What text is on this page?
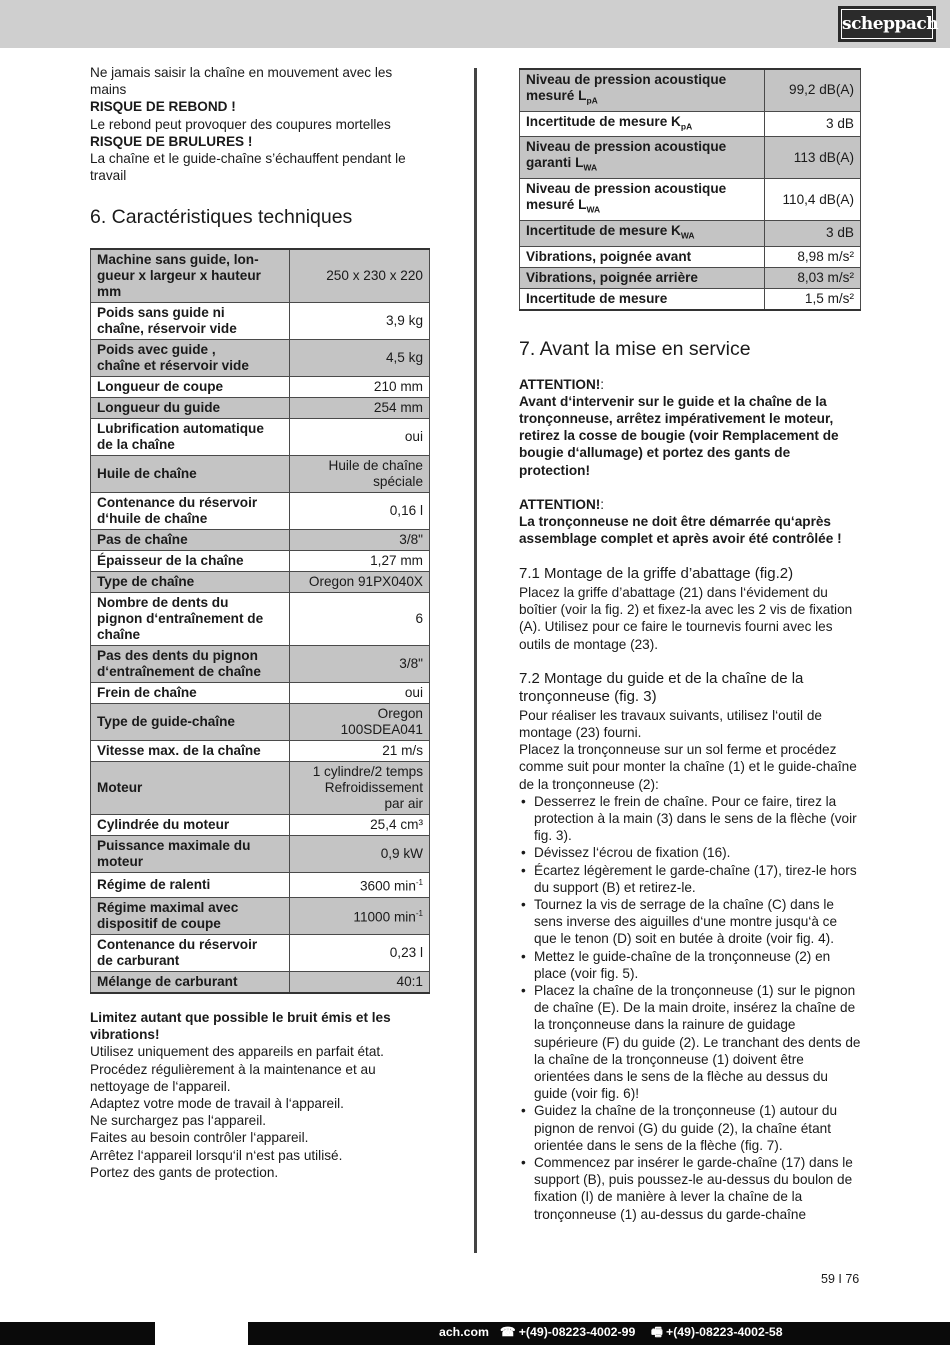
scheppach
Ne jamais saisir la chaîne en mouvement avec les mains
RISQUE DE REBOND !
Le rebond peut provoquer des coupures mortelles
RISQUE DE BRULURES !
La chaîne et le guide-chaîne s’échauffent pendant le travail
6. Caractéristiques techniques
Machine sans guide, lon-
gueur x largeur x hauteur
mm	250 x 230 x 220
Poids sans guide ni
chaîne, réservoir vide	3,9 kg
Poids avec guide ,
chaîne et réservoir vide	4,5 kg
Longueur de coupe	210 mm
Longueur du guide	254 mm
Lubrification automatique
de la chaîne	oui
Huile de chaîne	Huile de chaîne
spéciale
Contenance du réservoir
d‘huile de chaîne	0,16 l
Pas de chaîne	3/8"
Épaisseur de la chaîne	1,27 mm
Type de chaîne	Oregon 91PX040X
Nombre de dents du
pignon d‘entraînement de
chaîne	6
Pas des dents du pignon
d‘entraînement de chaîne	3/8"
Frein de chaîne	oui
Type de guide-chaîne	Oregon
100SDEA041
Vitesse max. de la chaîne	21 m/s
Moteur	1 cylindre/2 temps
Refroidissement
par air
Cylindrée du moteur	25,4 cm³
Puissance maximale du
moteur	0,9 kW
Régime de ralenti	3600 $\min^{-1}$
Régime maximal avec
dispositif de coupe	11000 $\min^{-1}$
Contenance du réservoir
de carburant	0,23 l
Mélange de carburant	40:1
Limitez autant que possible le bruit émis et les vibrations!
Utilisez uniquement des appareils en parfait état.
Procédez régulièrement à la maintenance et au nettoyage de l‘appareil.
Adaptez votre mode de travail à l‘appareil.
Ne surchargez pas l‘appareil.
Faites au besoin contrôler l‘appareil.
Arrêtez l‘appareil lorsqu‘il n‘est pas utilisé.
Portez des gants de protection.
Niveau de pression acoustique
mesuré $L_{pA}$	99,2 dB(A)
Incertitude de mesure $K_{pA}$	3 dB
Niveau de pression acoustique
garanti $L_{WA}$	113 dB(A)
Niveau de pression acoustique
mesuré $L_{WA}$	110,4 dB(A)
Incertitude de mesure $K_{WA}$	3 dB
Vibrations, poignée avant	8,98 m/s²
Vibrations, poignée arrière	8,03 m/s²
Incertitude de mesure	1,5 m/s²
7. Avant la mise en service
ATTENTION!:
Avant d‘intervenir sur le guide et la chaîne de la tronçonneuse, arrêtez impérativement le moteur, retirez la cosse de bougie (voir Remplacement de bougie d‘allumage) et portez des gants de protection!
ATTENTION!:
La tronçonneuse ne doit être démarrée qu‘après assemblage complet et après avoir été contrôlée !
7.1 Montage de la griffe d’abattage (fig.2)
Placez la griffe d’abattage (21) dans l‘évidement du boîtier (voir la fig. 2) et fixez-la avec les 2 vis de fixation (A). Utilisez pour ce faire le tournevis fourni avec les outils de montage (23).
7.2 Montage du guide et de la chaîne de la tronçonneuse (fig. 3)
Pour réaliser les travaux suivants, utilisez l‘outil de montage (23) fourni.
Placez la tronçonneuse sur un sol ferme et procédez comme suit pour monter la chaîne (1) et le guide-chaîne de la tronçonneuse (2):
• Desserrez le frein de chaîne. Pour ce faire, tirez la protection à la main (3) dans le sens de la flèche (voir fig. 3).
• Dévissez l‘écrou de fixation (16).
• Écartez légèrement le garde-chaîne (17), tirez-le hors du support (B) et retirez-le.
• Tournez la vis de serrage de la chaîne (C) dans le sens inverse des aiguilles d‘une montre jusqu‘à ce que le tenon (D) soit en butée à droite (voir fig. 4).
• Mettez le guide-chaîne de la tronçonneuse (2) en place (voir fig. 5).
• Placez la chaîne de la tronçonneuse (1) sur le pignon de chaîne (E). De la main droite, insérez la chaîne de la tronçonneuse dans la rainure de guidage supérieure (F) du guide (2). Le tranchant des dents de la chaîne de la tronçonneuse (1) doivent être orientées dans le sens de la flèche au dessus du guide (voir fig. 6)!
• Guidez la chaîne de la tronçonneuse (1) autour du pignon de renvoi (G) du guide (2), la chaîne étant orientée dans le sens de la flèche (fig. 7).
• Commencez par insérer le garde-chaîne (17) dans le support (B), puis poussez-le au-dessus du boulon de fixation (I) de manière à lever la chaîne de la tronçonneuse (1) au-dessus du garde-chaîne
59 I 76
ach.com ☎ +(49)-08223-4002-99 🖷 +(49)-08223-4002-58
